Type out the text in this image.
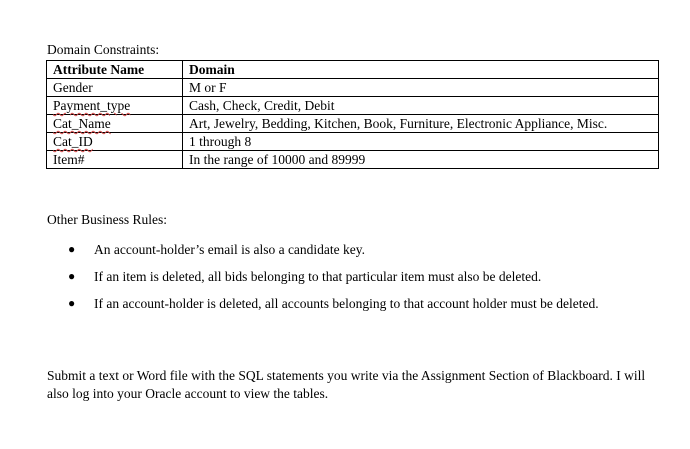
Domain Constraints:
Attribute Name	Domain
Gender	M or F
Payment_type	Cash, Check, Credit, Debit
Cat_Name	Art, Jewelry, Bedding, Kitchen, Book, Furniture, Electronic Appliance, Misc.
Cat_ID	1 through 8
Item#	In the range of 10000 and 89999
Other Business Rules:
● An account-holder’s email is also a candidate key.
● If an item is deleted, all bids belonging to that particular item must also be deleted.
● If an account-holder is deleted, all accounts belonging to that account holder must be deleted.
Submit a text or Word file with the SQL statements you write via the Assignment Section of Blackboard. I will also log into your Oracle account to view the tables.
